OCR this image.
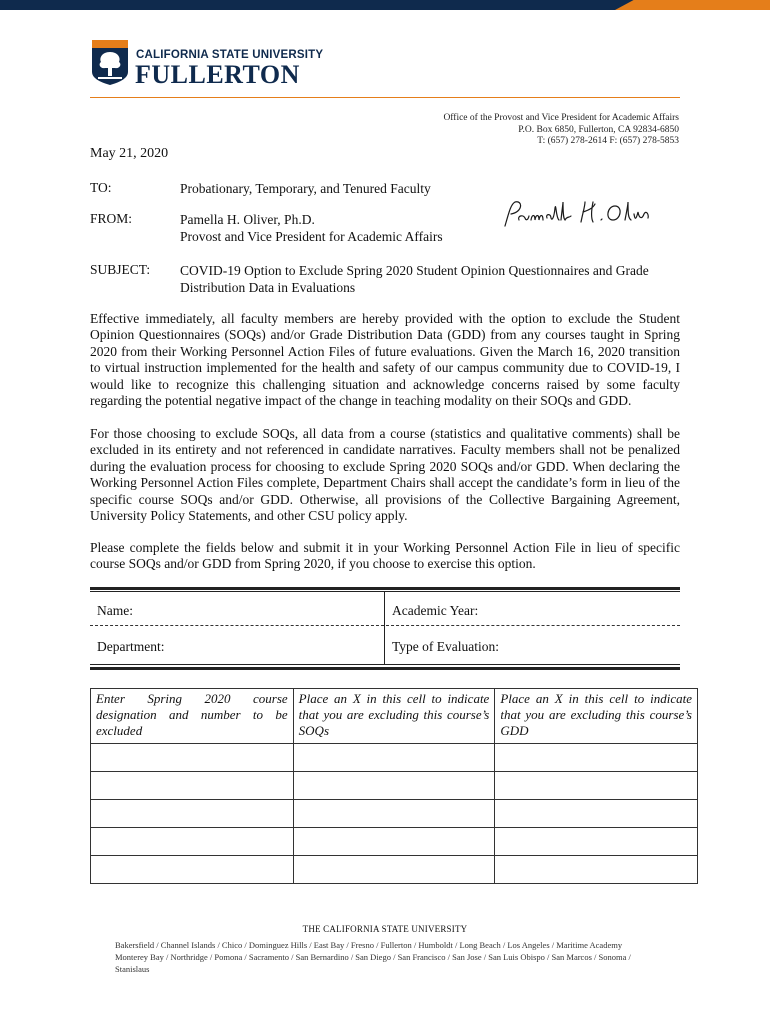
CALIFORNIA STATE UNIVERSITY
FULLERTON
Office of the Provost and Vice President for Academic Affairs
P.O. Box 6850, Fullerton, CA 92834-6850
T: (657) 278-2614 F: (657) 278-5853
May 21, 2020
TO:	Probationary, Temporary, and Tenured Faculty
FROM:	Pamella H. Oliver, Ph.D.
Provost and Vice President for Academic Affairs
SUBJECT: COVID-19 Option to Exclude Spring 2020 Student Opinion Questionnaires and Grade Distribution Data in Evaluations
Effective immediately, all faculty members are hereby provided with the option to exclude the Student Opinion Questionnaires (SOQs) and/or Grade Distribution Data (GDD) from any courses taught in Spring 2020 from their Working Personnel Action Files of future evaluations. Given the March 16, 2020 transition to virtual instruction implemented for the health and safety of our campus community due to COVID-19, I would like to recognize this challenging situation and acknowledge concerns raised by some faculty regarding the potential negative impact of the change in teaching modality on their SOQs and GDD.
For those choosing to exclude SOQs, all data from a course (statistics and qualitative comments) shall be excluded in its entirety and not referenced in candidate narratives. Faculty members shall not be penalized during the evaluation process for choosing to exclude Spring 2020 SOQs and/or GDD. When declaring the Working Personnel Action Files complete, Department Chairs shall accept the candidate’s form in lieu of the specific course SOQs and/or GDD. Otherwise, all provisions of the Collective Bargaining Agreement, University Policy Statements, and other CSU policy apply.
Please complete the fields below and submit it in your Working Personnel Action File in lieu of specific course SOQs and/or GDD from Spring 2020, if you choose to exercise this option.
Name:	Academic Year:
Department:	Type of Evaluation:
Enter Spring 2020 course designation and number to be excluded	Place an X in this cell to indicate that you are excluding this course’s SOQs	Place an X in this cell to indicate that you are excluding this course’s GDD

THE CALIFORNIA STATE UNIVERSITY
Bakersfield / Channel Islands / Chico / Dominguez Hills / East Bay / Fresno / Fullerton / Humboldt / Long Beach / Los Angeles / Maritime Academy Monterey Bay / Northridge / Pomona / Sacramento / San Bernardino / San Diego / San Francisco / San Jose / San Luis Obispo / San Marcos / Sonoma / Stanislaus
